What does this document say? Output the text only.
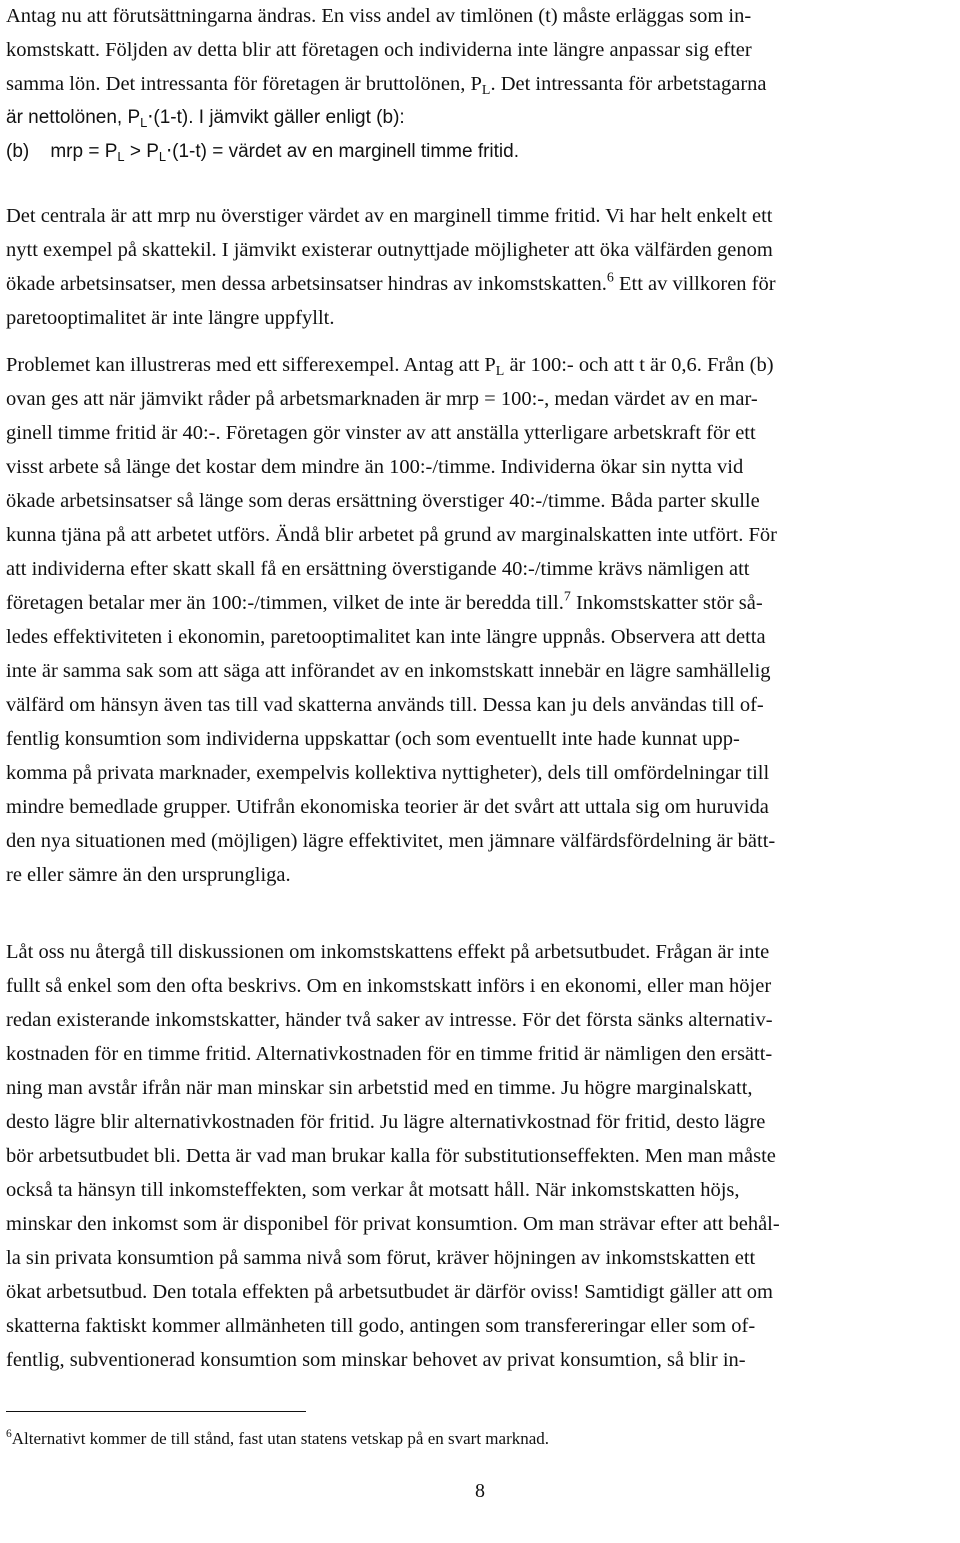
Antag nu att förutsättningarna ändras. En viss andel av timlönen (t) måste erläggas som in-
komstskatt. Följden av detta blir att företagen och individerna inte längre anpassar sig efter
samma lön. Det intressanta för företagen är bruttolönen, $P_L$. Det intressanta för arbetstagarna
är nettolönen, $P_L\cdot(1-t)$. I jämvikt gäller enligt (b):
(b)    mrp = $P_L > P_L\cdot(1-t)$ = värdet av en marginell timme fritid.
Det centrala är att mrp nu överstiger värdet av en marginell timme fritid. Vi har helt enkelt ett
nytt exempel på skattekil. I jämvikt existerar outnyttjade möjligheter att öka välfärden genom
ökade arbetsinsatser, men dessa arbetsinsatser hindras av inkomstskatten.$^6$ Ett av villkoren för
paretooptimalitet är inte längre uppfyllt.
Problemet kan illustreras med ett sifferexempel. Antag att $P_L$ är 100:- och att t är 0,6. Från (b)
ovan ges att när jämvikt råder på arbetsmarknaden är mrp = 100:-, medan värdet av en mar-
ginell timme fritid är 40:-. Företagen gör vinster av att anställa ytterligare arbetskraft för ett
visst arbete så länge det kostar dem mindre än 100:-/timme. Individerna ökar sin nytta vid
ökade arbetsinsatser så länge som deras ersättning överstiger 40:-/timme. Båda parter skulle
kunna tjäna på att arbetet utförs. Ändå blir arbetet på grund av marginalskatten inte utfört. För
att individerna efter skatt skall få en ersättning överstigande 40:-/timme krävs nämligen att
företagen betalar mer än 100:-/timmen, vilket de inte är beredda till.$^7$ Inkomstskatter stör så-
ledes effektiviteten i ekonomin, paretooptimalitet kan inte längre uppnås. Observera att detta
inte är samma sak som att säga att införandet av en inkomstskatt innebär en lägre samhällelig
välfärd om hänsyn även tas till vad skatterna används till. Dessa kan ju dels användas till of-
fentlig konsumtion som individerna uppskattar (och som eventuellt inte hade kunnat upp-
komma på privata marknader, exempelvis kollektiva nyttigheter), dels till omfördelningar till
mindre bemedlade grupper. Utifrån ekonomiska teorier är det svårt att uttala sig om huruvida
den nya situationen med (möjligen) lägre effektivitet, men jämnare välfärdsfördelning är bätt-
re eller sämre än den ursprungliga.
Låt oss nu återgå till diskussionen om inkomstskattens effekt på arbetsutbudet. Frågan är inte
fullt så enkel som den ofta beskrivs. Om en inkomstskatt införs i en ekonomi, eller man höjer
redan existerande inkomstskatter, händer två saker av intresse. För det första sänks alternativ-
kostnaden för en timme fritid. Alternativkostnaden för en timme fritid är nämligen den ersätt-
ning man avstår ifrån när man minskar sin arbetstid med en timme. Ju högre marginalskatt,
desto lägre blir alternativkostnaden för fritid. Ju lägre alternativkostnad för fritid, desto lägre
bör arbetsutbudet bli. Detta är vad man brukar kalla för substitutionseffekten. Men man måste
också ta hänsyn till inkomsteffekten, som verkar åt motsatt håll. När inkomstskatten höjs,
minskar den inkomst som är disponibel för privat konsumtion. Om man strävar efter att behål-
la sin privata konsumtion på samma nivå som förut, kräver höjningen av inkomstskatten ett
ökat arbetsutbud. Den totala effekten på arbetsutbudet är därför oviss! Samtidigt gäller att om
skatterna faktiskt kommer allmänheten till godo, antingen som transfereringar eller som of-
fentlig, subventionerad konsumtion som minskar behovet av privat konsumtion, så blir in-
$^6$Alternativt kommer de till stånd, fast utan statens vetskap på en svart marknad.
8
